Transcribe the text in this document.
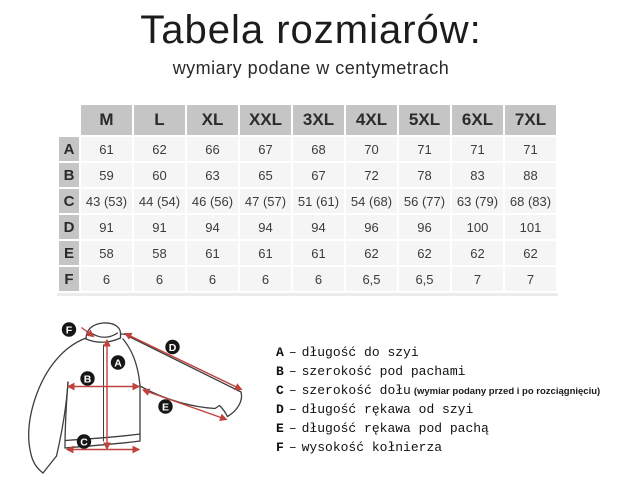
Tabela rozmiarów:
wymiary podane w centymetrach
	M	L	XL	XXL	3XL	4XL	5XL	6XL	7XL
A	61	62	66	67	68	70	71	71	71
B	59	60	63	65	67	72	78	83	88
C	43 (53)	44 (54)	46 (56)	47 (57)	51 (61)	54 (68)	56 (77)	63 (79)	68 (83)
D	91	91	94	94	94	96	96	100	101
E	58	58	61	61	61	62	62	62	62
F	6	6	6	6	6	6,5	6,5	7	7
A
B
C
D
E
F
A – długość do szyi
B – szerokość pod pachami
C – szerokość dołu (wymiar podany przed i po rozciągnięciu)
D – długość rękawa od szyi
E – długość rękawa pod pachą
F – wysokość kołnierza
